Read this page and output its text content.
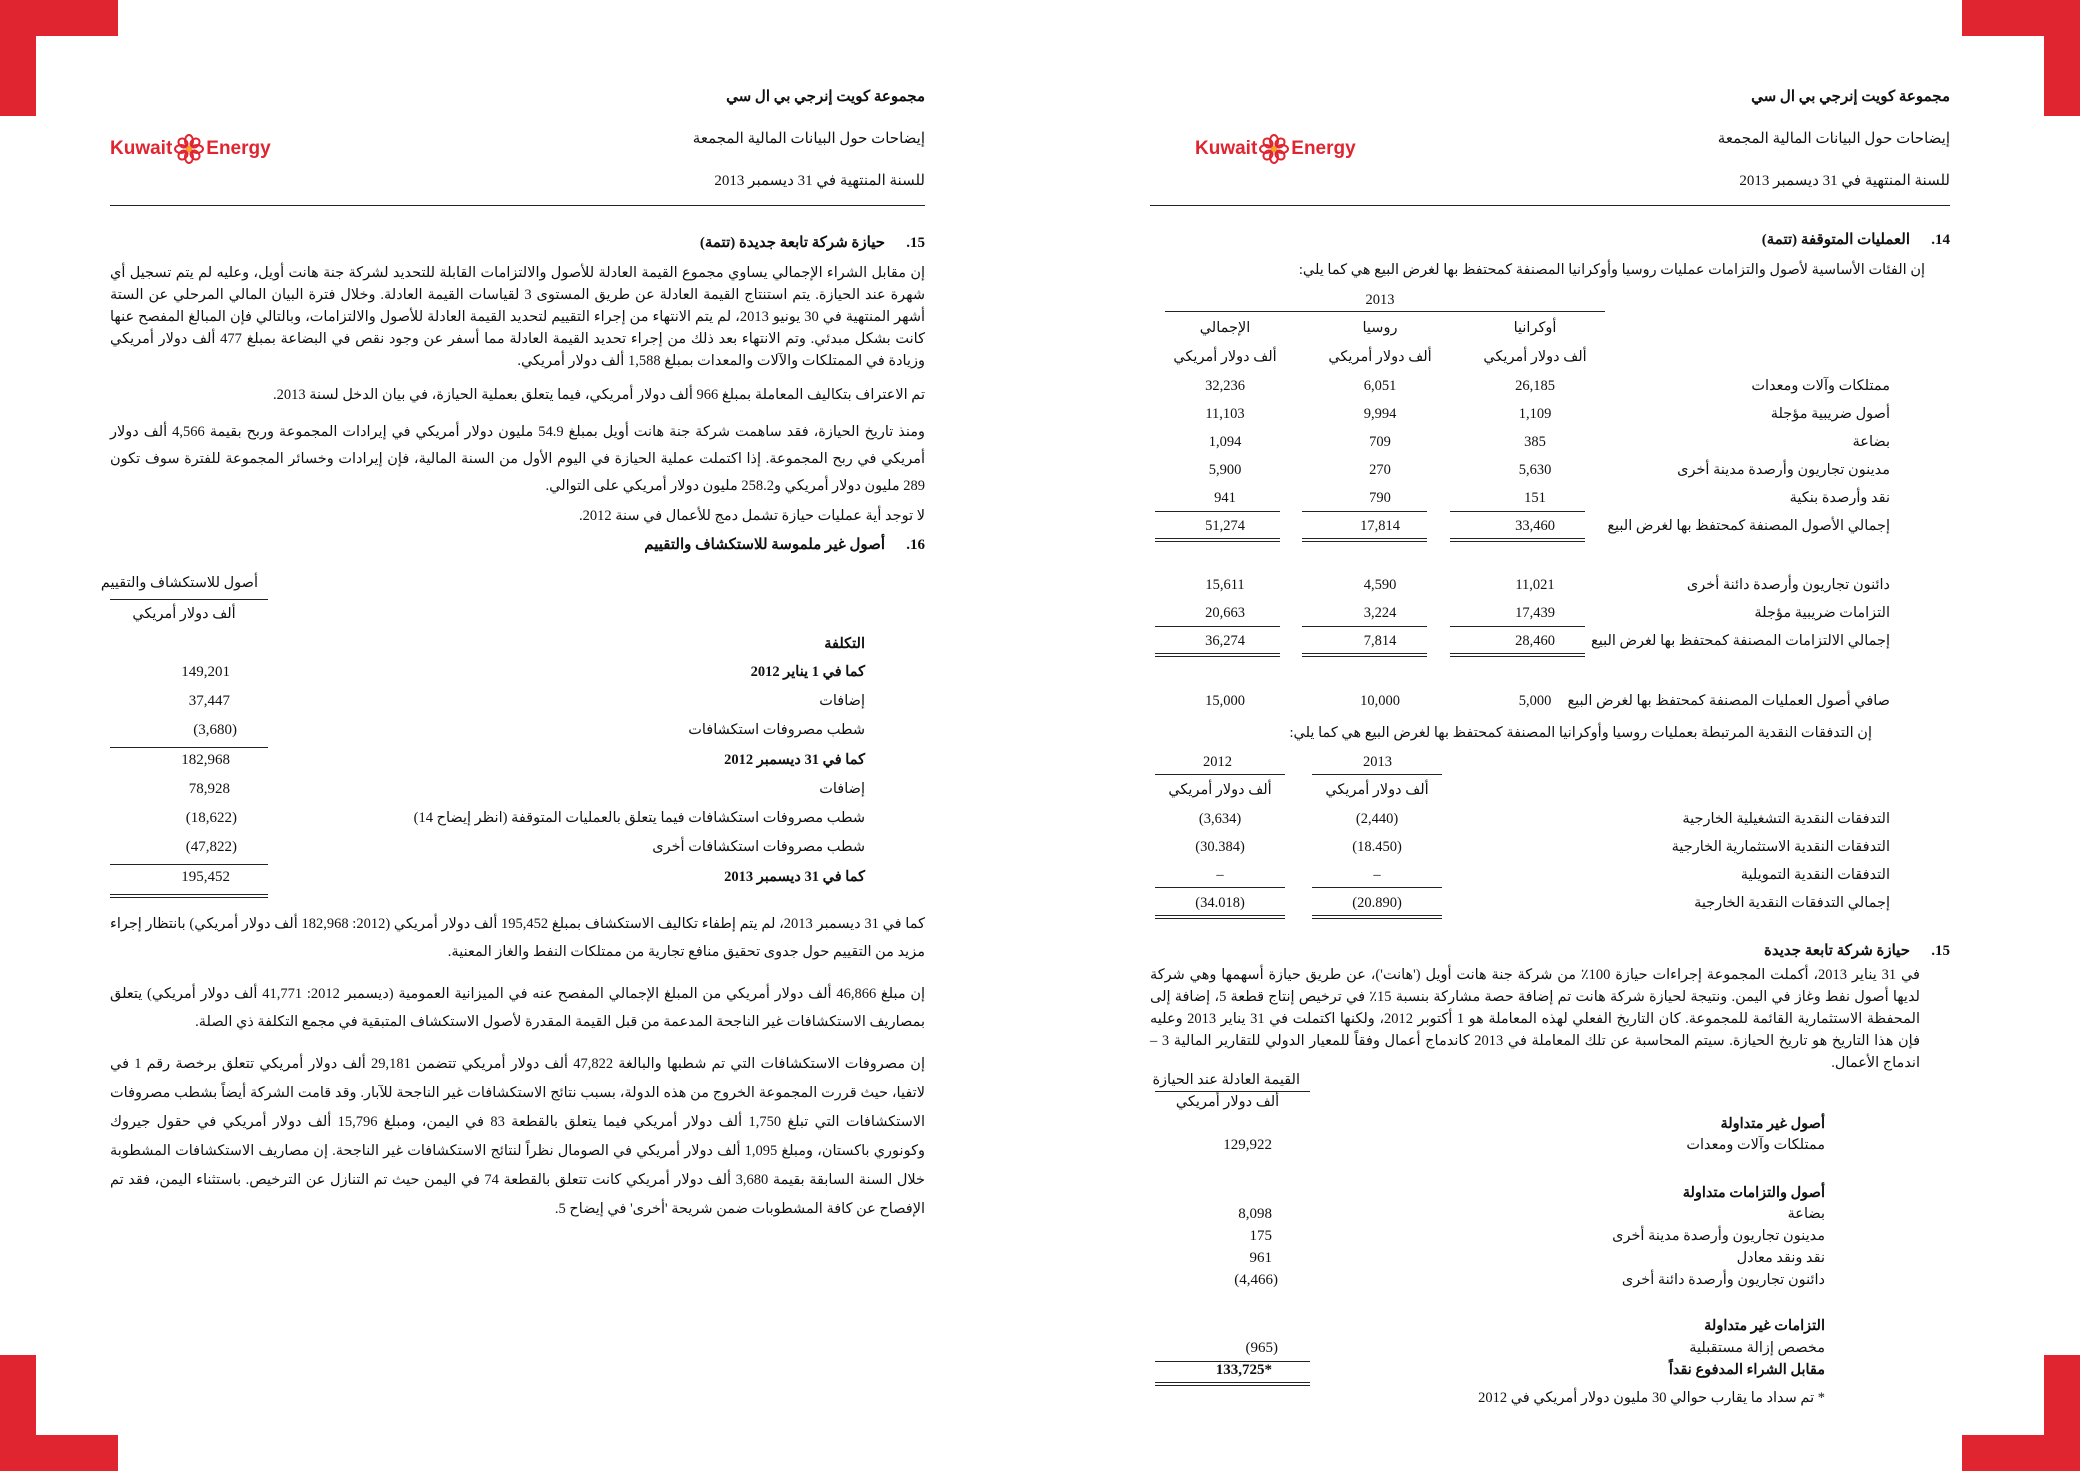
مجموعة كويت إنرجي بي ال سي
إيضاحات حول البيانات المالية المجمعة
للسنة المنتهية في 31 ديسمبر 2013
Kuwait Energy
15.حيازة شركة تابعة جديدة (تتمة)
إن مقابل الشراء الإجمالي يساوي مجموع القيمة العادلة للأصول والالتزامات القابلة للتحديد لشركة جنة هانت أويل، وعليه لم يتم تسجيل أي شهرة عند الحيازة. يتم استنتاج القيمة العادلة عن طريق المستوى 3 لقياسات القيمة العادلة. وخلال فترة البيان المالي المرحلي عن الستة أشهر المنتهية في 30 يونيو 2013، لم يتم الانتهاء من إجراء التقييم لتحديد القيمة العادلة للأصول والالتزامات، وبالتالي فإن المبالغ المفصح عنها كانت بشكل مبدئي. وتم الانتهاء بعد ذلك من إجراء تحديد القيمة العادلة مما أسفر عن وجود نقص في البضاعة بمبلغ 477 ألف دولار أمريكي وزيادة في الممتلكات والآلات والمعدات بمبلغ 1,588 ألف دولار أمريكي.
تم الاعتراف بتكاليف المعاملة بمبلغ 966 ألف دولار أمريكي، فيما يتعلق بعملية الحيازة، في بيان الدخل لسنة 2013.
ومنذ تاريخ الحيازة، فقد ساهمت شركة جنة هانت أويل بمبلغ 54.9 مليون دولار أمريكي في إيرادات المجموعة وربح بقيمة 4,566 ألف دولار أمريكي في ربح المجموعة. إذا اكتملت عملية الحيازة في اليوم الأول من السنة المالية، فإن إيرادات وخسائر المجموعة للفترة سوف تكون 289 مليون دولار أمريكي و258.2 مليون دولار أمريكي على التوالي.
لا توجد أية عمليات حيازة تشمل دمج للأعمال في سنة 2012.
16.أصول غير ملموسة للاستكشاف والتقييم
أصول للاستكشاف والتقييم
ألف دولار أمريكي
التكلفة
كما في 1 يناير 2012
149,201
إضافات
37,447
شطب مصروفات استكشافات
(3,680)
كما في 31 ديسمبر 2012
182,968
إضافات
78,928
شطب مصروفات استكشافات فيما يتعلق بالعمليات المتوقفة (انظر إيضاح 14)
(18,622)
شطب مصروفات استكشافات أخرى
(47,822)
كما في 31 ديسمبر 2013
195,452
كما في 31 ديسمبر 2013، لم يتم إطفاء تكاليف الاستكشاف بمبلغ 195,452 ألف دولار أمريكي (2012: 182,968 ألف دولار أمريكي) بانتظار إجراء مزيد من التقييم حول جدوى تحقيق منافع تجارية من ممتلكات النفط والغاز المعنية.
إن مبلغ 46,866 ألف دولار أمريكي من المبلغ الإجمالي المفصح عنه في الميزانية العمومية (ديسمبر 2012: 41,771 ألف دولار أمريكي) يتعلق بمصاريف الاستكشافات غير الناجحة المدعمة من قبل القيمة المقدرة لأصول الاستكشاف المتبقية في مجمع التكلفة ذي الصلة.
إن مصروفات الاستكشافات التي تم شطبها والبالغة 47,822 ألف دولار أمريكي تتضمن 29,181 ألف دولار أمريكي تتعلق برخصة رقم 1 في لاتفيا، حيث قررت المجموعة الخروج من هذه الدولة، بسبب نتائج الاستكشافات غير الناجحة للآبار. وقد قامت الشركة أيضاً بشطب مصروفات الاستكشافات التي تبلغ 1,750 ألف دولار أمريكي فيما يتعلق بالقطعة 83 في اليمن، ومبلغ 15,796 ألف دولار أمريكي في حقول جيروك وكونوري باكستان، ومبلغ 1,095 ألف دولار أمريكي في الصومال نظراً لنتائج الاستكشافات غير الناجحة. إن مصاريف الاستكشافات المشطوبة خلال السنة السابقة بقيمة 3,680 ألف دولار أمريكي كانت تتعلق بالقطعة 74 في اليمن حيث تم التنازل عن الترخيص. باستثناء اليمن، فقد تم الإفصاح عن كافة المشطوبات ضمن شريحة 'أخرى' في إيضاح 5.
مجموعة كويت إنرجي بي ال سي
إيضاحات حول البيانات المالية المجمعة
للسنة المنتهية في 31 ديسمبر 2013
Kuwait Energy
14.العمليات المتوقفة (تتمة)
إن الفئات الأساسية لأصول والتزامات عمليات روسيا وأوكرانيا المصنفة كمحتفظ بها لغرض البيع هي كما يلي:
2013
أوكرانيا
روسيا
الإجمالي
ألف دولار أمريكي
ألف دولار أمريكي
ألف دولار أمريكي
ممتلكات وآلات ومعدات
26,185
6,051
32,236
أصول ضريبية مؤجلة
1,109
9,994
11,103
بضاعة
385
709
1,094
مدينون تجاريون وأرصدة مدينة أخرى
5,630
270
5,900
نقد وأرصدة بنكية
151
790
941
إجمالي الأصول المصنفة كمحتفظ بها لغرض البيع
33,460
17,814
51,274
دائنون تجاريون وأرصدة دائنة أخرى
11,021
4,590
15,611
التزامات ضريبية مؤجلة
17,439
3,224
20,663
إجمالي الالتزامات المصنفة كمحتفظ بها لغرض البيع
28,460
7,814
36,274
صافي أصول العمليات المصنفة كمحتفظ بها لغرض البيع
5,000
10,000
15,000
إن التدفقات النقدية المرتبطة بعمليات روسيا وأوكرانيا المصنفة كمحتفظ بها لغرض البيع هي كما يلي:
2013
2012
ألف دولار أمريكي
ألف دولار أمريكي
التدفقات النقدية التشغيلية الخارجية
(2,440)
(3,634)
التدفقات النقدية الاستثمارية الخارجية
(18.450)
(30.384)
التدفقات النقدية التمويلية
–
–
إجمالي التدفقات النقدية الخارجية
(20.890)
(34.018)
15.حيازة شركة تابعة جديدة
في 31 يناير 2013، أكملت المجموعة إجراءات حيازة 100٪ من شركة جنة هانت أويل ('هانت')، عن طريق حيازة أسهمها وهي شركة لديها أصول نفط وغاز في اليمن. ونتيجة لحيازة شركة هانت تم إضافة حصة مشاركة بنسبة 15٪ في ترخيص إنتاج قطعة 5، إضافة إلى المحفظة الاستثمارية القائمة للمجموعة. كان التاريخ الفعلي لهذه المعاملة هو 1 أكتوبر 2012، ولكنها اكتملت في 31 يناير 2013 وعليه فإن هذا التاريخ هو تاريخ الحيازة. سيتم المحاسبة عن تلك المعاملة في 2013 كاندماج أعمال وفقاً للمعيار الدولي للتقارير المالية 3 – اندماج الأعمال.
القيمة العادلة عند الحيازة
ألف دولار أمريكي
أصول غير متداولة
ممتلكات وآلات ومعدات
129,922
أصول والتزامات متداولة
بضاعة
8,098
مدينون تجاريون وأرصدة مدينة أخرى
175
نقد ونقد معادل
961
دائنون تجاريون وأرصدة دائنة أخرى
(4,466)
التزامات غير متداولة
مخصص إزالة مستقبلية
(965)
مقابل الشراء المدفوع نقداً
133,725*
* تم سداد ما يقارب حوالي 30 مليون دولار أمريكي في 2012
